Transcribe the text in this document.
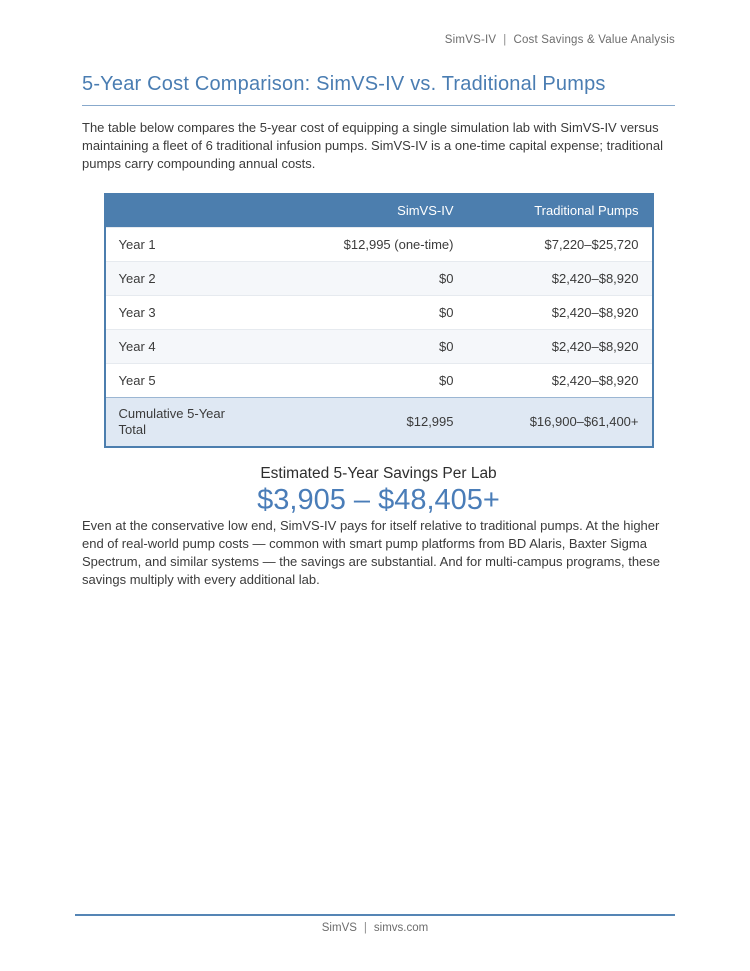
SimVS-IV | Cost Savings & Value Analysis
5-Year Cost Comparison: SimVS-IV vs. Traditional Pumps

The table below compares the 5-year cost of equipping a single simulation lab with SimVS-IV versus maintaining a fleet of 6 traditional infusion pumps. SimVS-IV is a one-time capital expense; traditional pumps carry compounding annual costs.

	SimVS-IV	Traditional Pumps
Year 1	$12,995 (one-time)	$7,220–$25,720
Year 2	$0	$2,420–$8,920
Year 3	$0	$2,420–$8,920
Year 4	$0	$2,420–$8,920
Year 5	$0	$2,420–$8,920
Cumulative 5-Year Total	$12,995	$16,900–$61,400+
Estimated 5-Year Savings Per Lab
$3,905 – $48,405+

Even at the conservative low end, SimVS-IV pays for itself relative to traditional pumps. At the higher end of real-world pump costs — common with smart pump platforms from BD Alaris, Baxter Sigma Spectrum, and similar systems — the savings are substantial. And for multi-campus programs, these savings multiply with every additional lab.

SimVS | simvs.com
